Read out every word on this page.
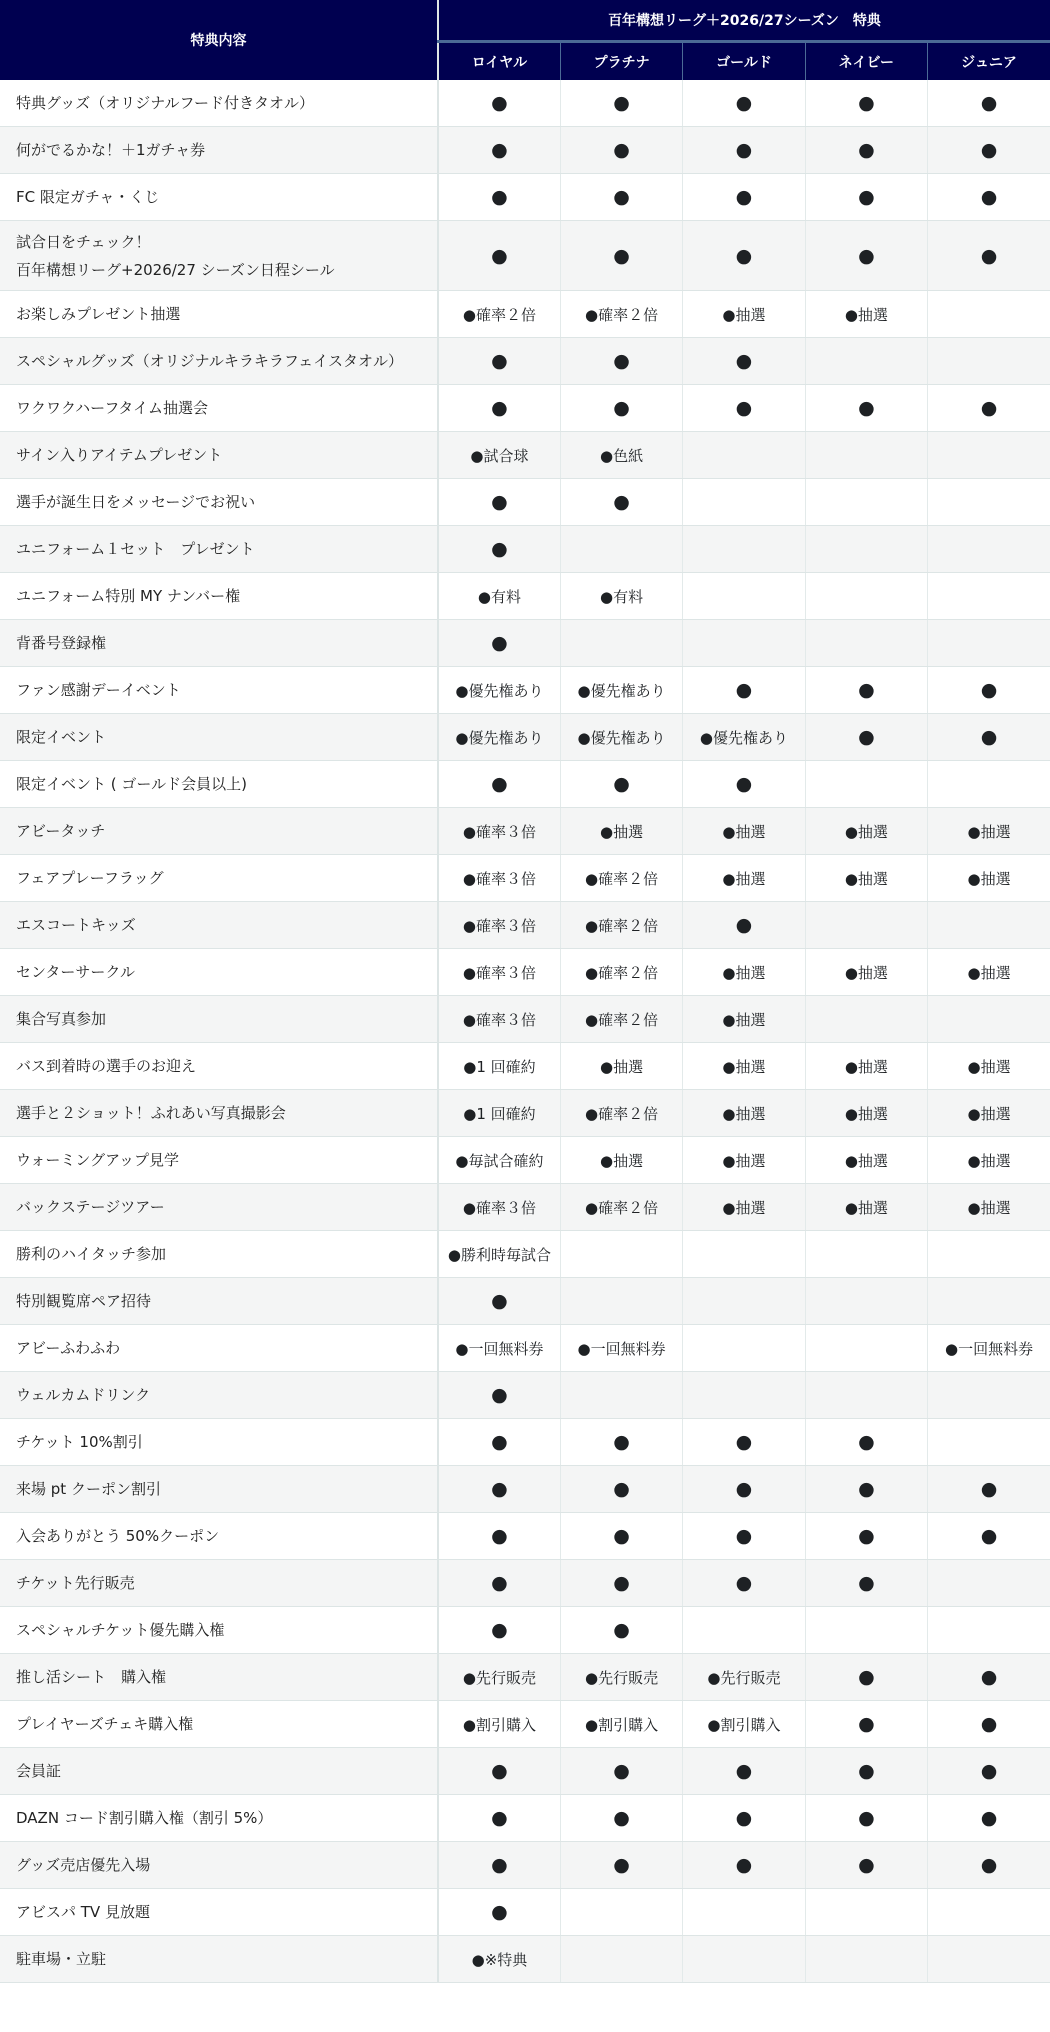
特典内容	百年構想リーグ＋2026/27シーズン　特典				
	ロイヤル	プラチナ	ゴールド	ネイビー	ジュニア

特典グッズ（オリジナルフード付きタオル）	●	●	●	●	●

何がでるかな！＋1ガチャ券	●	●	●	●	●

FC 限定ガチャ・くじ	●	●	●	●	●

試合日をチェック！
百年構想リーグ+2026/27 シーズン日程シール	●	●	●	●	●

お楽しみプレゼント抽選	●確率２倍	●確率２倍	●抽選	●抽選	

スペシャルグッズ（オリジナルキラキラフェイスタオル）	●	●	●		

ワクワクハーフタイム抽選会	●	●	●	●	●

サイン入りアイテムプレゼント	●試合球	●色紙			

選手が誕生日をメッセージでお祝い	●	●			

ユニフォーム１セット　プレゼント	●				

ユニフォーム特別 MY ナンバー権	●有料	●有料			

背番号登録権	●				

ファン感謝デーイベント	●優先権あり	●優先権あり	●	●	●

限定イベント	●優先権あり	●優先権あり	●優先権あり	●	●

限定イベント ( ゴールド会員以上)	●	●	●		

アビータッチ	●確率３倍	●抽選	●抽選	●抽選	●抽選

フェアプレーフラッグ	●確率３倍	●確率２倍	●抽選	●抽選	●抽選

エスコートキッズ	●確率３倍	●確率２倍	●		

センターサークル	●確率３倍	●確率２倍	●抽選	●抽選	●抽選

集合写真参加	●確率３倍	●確率２倍	●抽選		

バス到着時の選手のお迎え	●1 回確約	●抽選	●抽選	●抽選	●抽選

選手と２ショット！ふれあい写真撮影会	●1 回確約	●確率２倍	●抽選	●抽選	●抽選

ウォーミングアップ見学	●毎試合確約	●抽選	●抽選	●抽選	●抽選

バックステージツアー	●確率３倍	●確率２倍	●抽選	●抽選	●抽選

勝利のハイタッチ参加	●勝利時毎試合				

特別観覧席ペア招待	●				

アビーふわふわ	●一回無料券	●一回無料券			●一回無料券

ウェルカムドリンク	●				

チケット 10%割引	●	●	●	●	

来場 pt クーポン割引	●	●	●	●	●

入会ありがとう 50%クーポン	●	●	●	●	●

チケット先行販売	●	●	●	●	

スペシャルチケット優先購入権	●	●			

推し活シート　購入権	●先行販売	●先行販売	●先行販売	●	●

プレイヤーズチェキ購入権	●割引購入	●割引購入	●割引購入	●	●

会員証	●	●	●	●	●

DAZN コード割引購入権（割引 5%）	●	●	●	●	●

グッズ売店優先入場	●	●	●	●	●

アビスパ TV 見放題	●				

駐車場・立駐	●※特典				
